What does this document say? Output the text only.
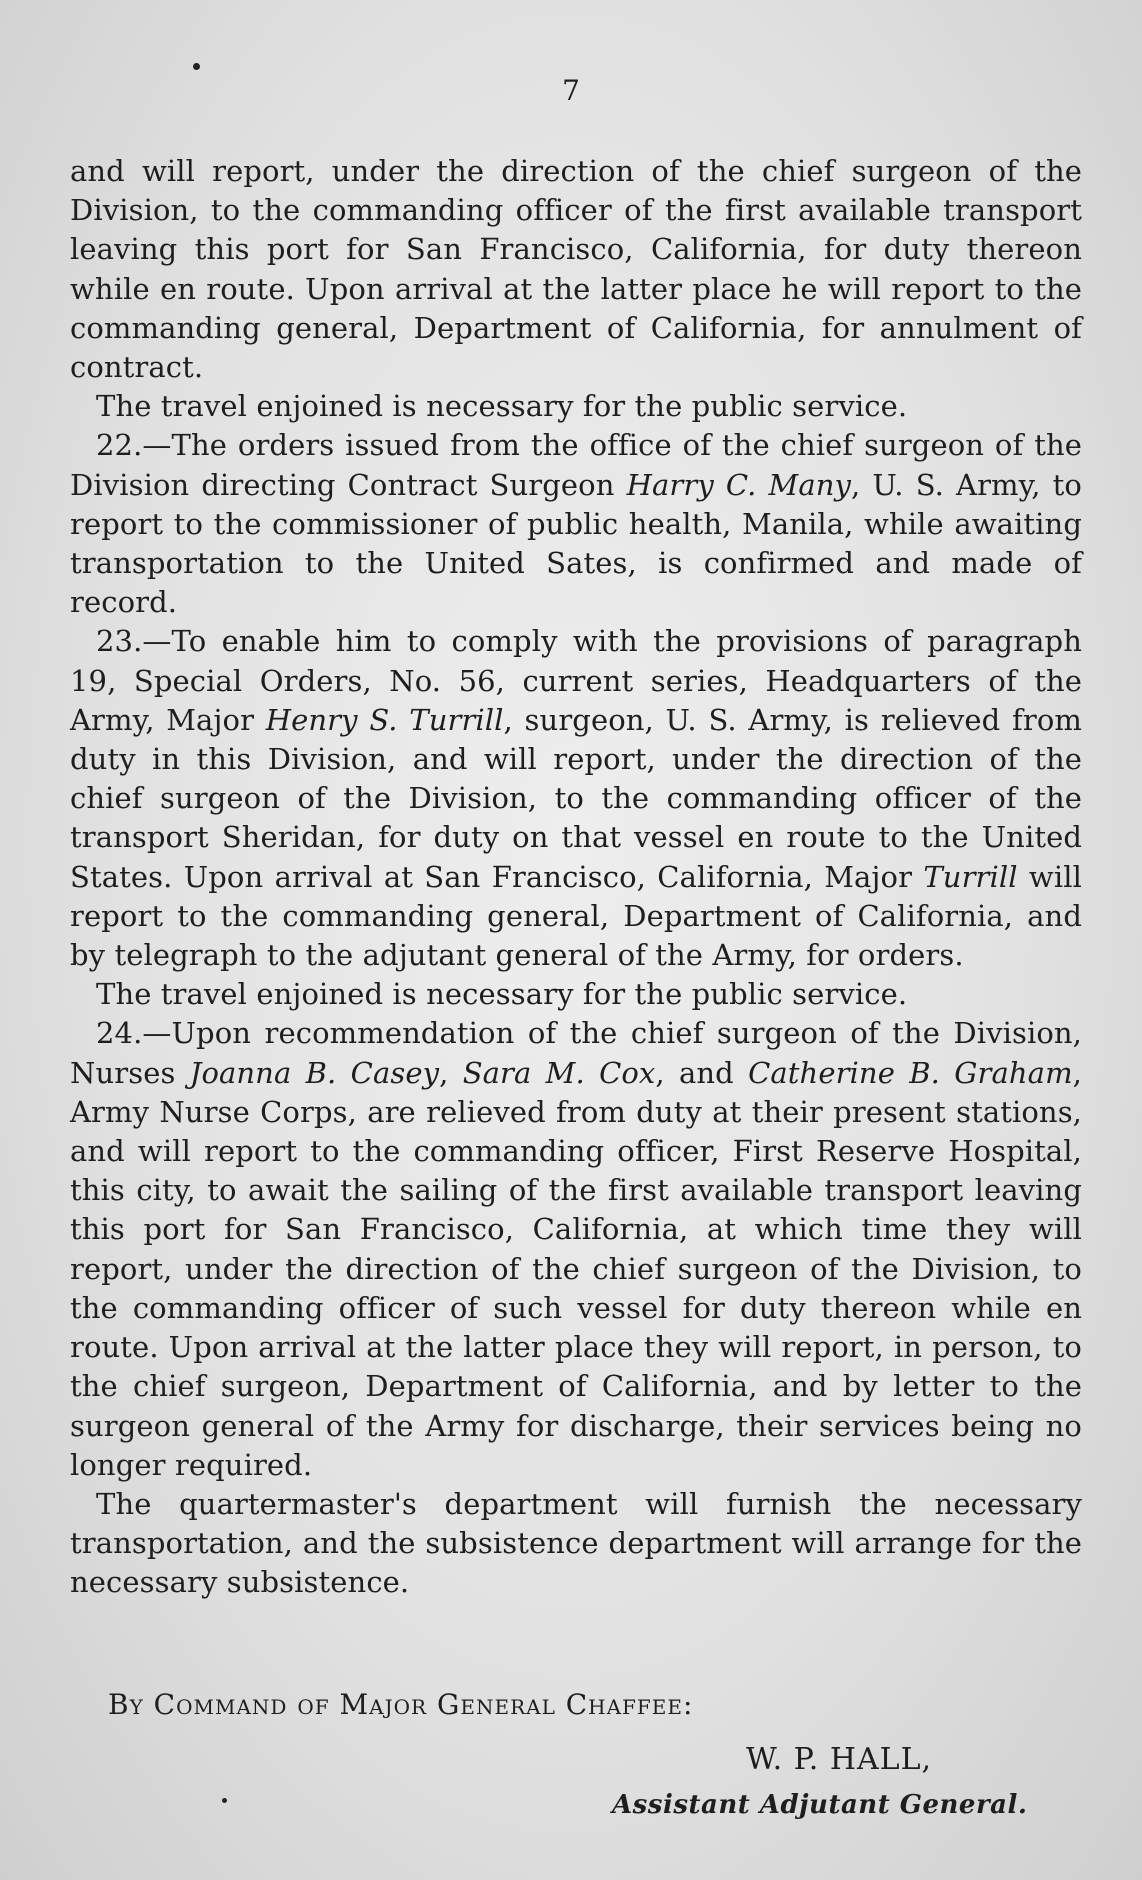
7

and will report, under the direction of the chief surgeon of the Division, to the commanding officer of the first available transport leaving this port for San Francisco, California, for duty thereon while en route. Upon arrival at the latter place he will report to the commanding general, Department of California, for annulment of contract.

The travel enjoined is necessary for the public service.

22.—The orders issued from the office of the chief surgeon of the Division directing Contract Surgeon Harry C. Many, U. S. Army, to report to the commissioner of public health, Manila, while awaiting transportation to the United Sates, is confirmed and made of record.

23.—To enable him to comply with the provisions of paragraph 19, Special Orders, No. 56, current series, Headquarters of the Army, Major Henry S. Turrill, surgeon, U. S. Army, is relieved from duty in this Division, and will report, under the direction of the chief surgeon of the Division, to the commanding officer of the transport Sheridan, for duty on that vessel en route to the United States. Upon arrival at San Francisco, California, Major Turrill will report to the commanding general, Department of California, and by telegraph to the adjutant general of the Army, for orders.

The travel enjoined is necessary for the public service.

24.—Upon recommendation of the chief surgeon of the Division, Nurses Joanna B. Casey, Sara M. Cox, and Catherine B. Graham, Army Nurse Corps, are relieved from duty at their present stations, and will report to the commanding officer, First Reserve Hospital, this city, to await the sailing of the first available transport leaving this port for San Francisco, California, at which time they will report, under the direction of the chief surgeon of the Division, to the commanding officer of such vessel for duty thereon while en route. Upon arrival at the latter place they will report, in person, to the chief surgeon, Department of California, and by letter to the surgeon general of the Army for discharge, their services being no longer required.

The quartermaster's department will furnish the necessary transportation, and the subsistence department will arrange for the necessary subsistence.

By Command of Major General Chaffee:
W. P. HALL,
Assistant Adjutant General.
